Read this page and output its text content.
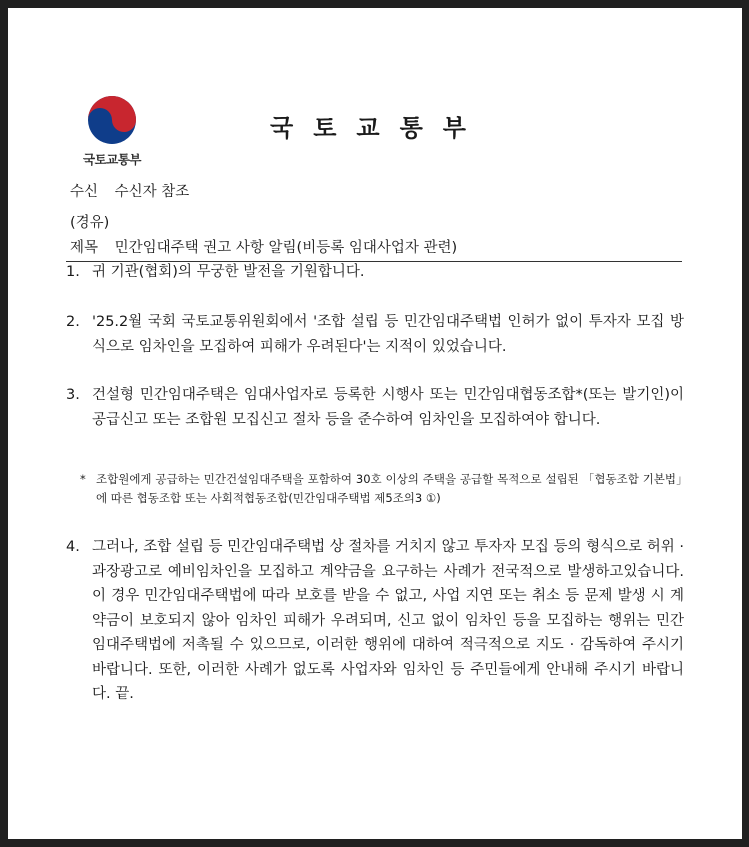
국토교통부
국토교통부
수신 수신자 참조
(경유)
제목 민간임대주택 권고 사항 알림(비등록 임대사업자 관련)
1. 귀 기관(협회)의 무궁한 발전을 기원합니다.
2. '25.2월 국회 국토교통위원회에서 '조합 설립 등 민간임대주택법 인허가 없이 투자자 모집 방식으로 임차인을 모집하여 피해가 우려된다'는 지적이 있었습니다.
3. 건설형 민간임대주택은 임대사업자로 등록한 시행사 또는 민간임대협동조합*(또는 발기인)이 공급신고 또는 조합원 모집신고 절차 등을 준수하여 임차인을 모집하여야 합니다.
* 조합원에게 공급하는 민간건설임대주택을 포함하여 30호 이상의 주택을 공급할 목적으로 설립된 「협동조합 기본법」에 따른 협동조합 또는 사회적협동조합(민간임대주택법 제5조의3 ①)
4. 그러나, 조합 설립 등 민간임대주택법 상 절차를 거치지 않고 투자자 모집 등의 형식으로 허위 · 과장광고로 예비임차인을 모집하고 계약금을 요구하는 사례가 전국적으로 발생하고있습니다. 이 경우 민간임대주택법에 따라 보호를 받을 수 없고, 사업 지연 또는 취소 등 문제 발생 시 계약금이 보호되지 않아 임차인 피해가 우려되며, 신고 없이 임차인 등을 모집하는 행위는 민간임대주택법에 저촉될 수 있으므로, 이러한 행위에 대하여 적극적으로 지도 · 감독하여 주시기 바랍니다. 또한, 이러한 사례가 없도록 사업자와 임차인 등 주민들에게 안내해 주시기 바랍니다. 끝.
